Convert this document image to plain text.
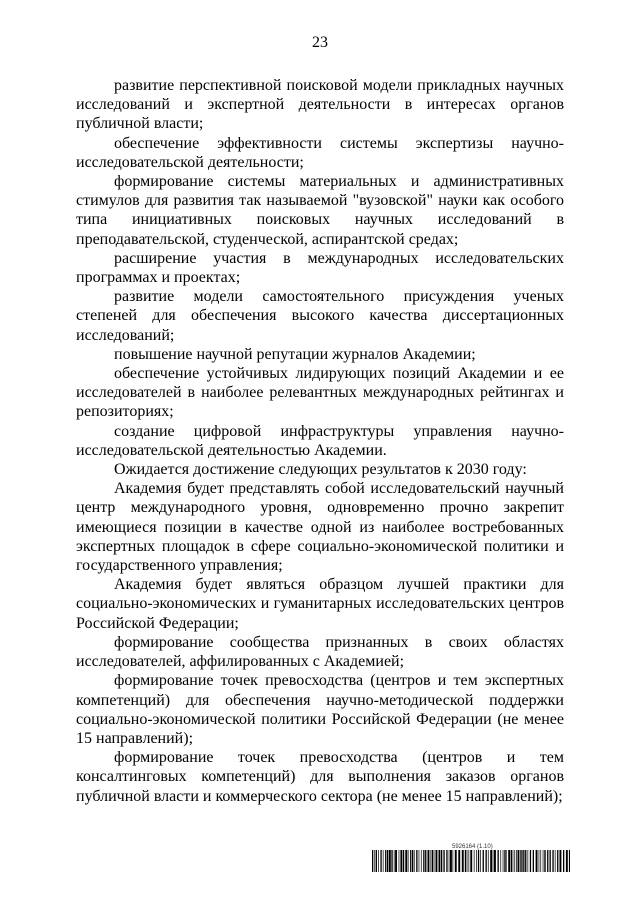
23

развитие перспективной поисковой модели прикладных научных исследований и экспертной деятельности в интересах органов публичной власти;

обеспечение эффективности системы экспертизы научно-исследовательской деятельности;

формирование системы материальных и административных стимулов для развития так называемой "вузовской" науки как особого типа инициативных поисковых научных исследований в преподавательской, студенческой, аспирантской средах;

расширение участия в международных исследовательских программах и проектах;

развитие модели самостоятельного присуждения ученых степеней для обеспечения высокого качества диссертационных исследований;

повышение научной репутации журналов Академии;

обеспечение устойчивых лидирующих позиций Академии и ее исследователей в наиболее релевантных международных рейтингах и репозиториях;

создание цифровой инфраструктуры управления научно-исследовательской деятельностью Академии.

Ожидается достижение следующих результатов к 2030 году:

Академия будет представлять собой исследовательский научный центр международного уровня, одновременно прочно закрепит имеющиеся позиции в качестве одной из наиболее востребованных экспертных площадок в сфере социально-экономической политики и государственного управления;

Академия будет являться образцом лучшей практики для социально-экономических и гуманитарных исследовательских центров Российской Федерации;

формирование сообщества признанных в своих областях исследователей, аффилированных с Академией;

формирование точек превосходства (центров и тем экспертных компетенций) для обеспечения научно-методической поддержки социально-экономической политики Российской Федерации (не менее 15 направлений);

формирование точек превосходства (центров и тем консалтинговых компетенций) для выполнения заказов органов публичной власти и коммерческого сектора (не менее 15 направлений);

5926164 (1.10)
